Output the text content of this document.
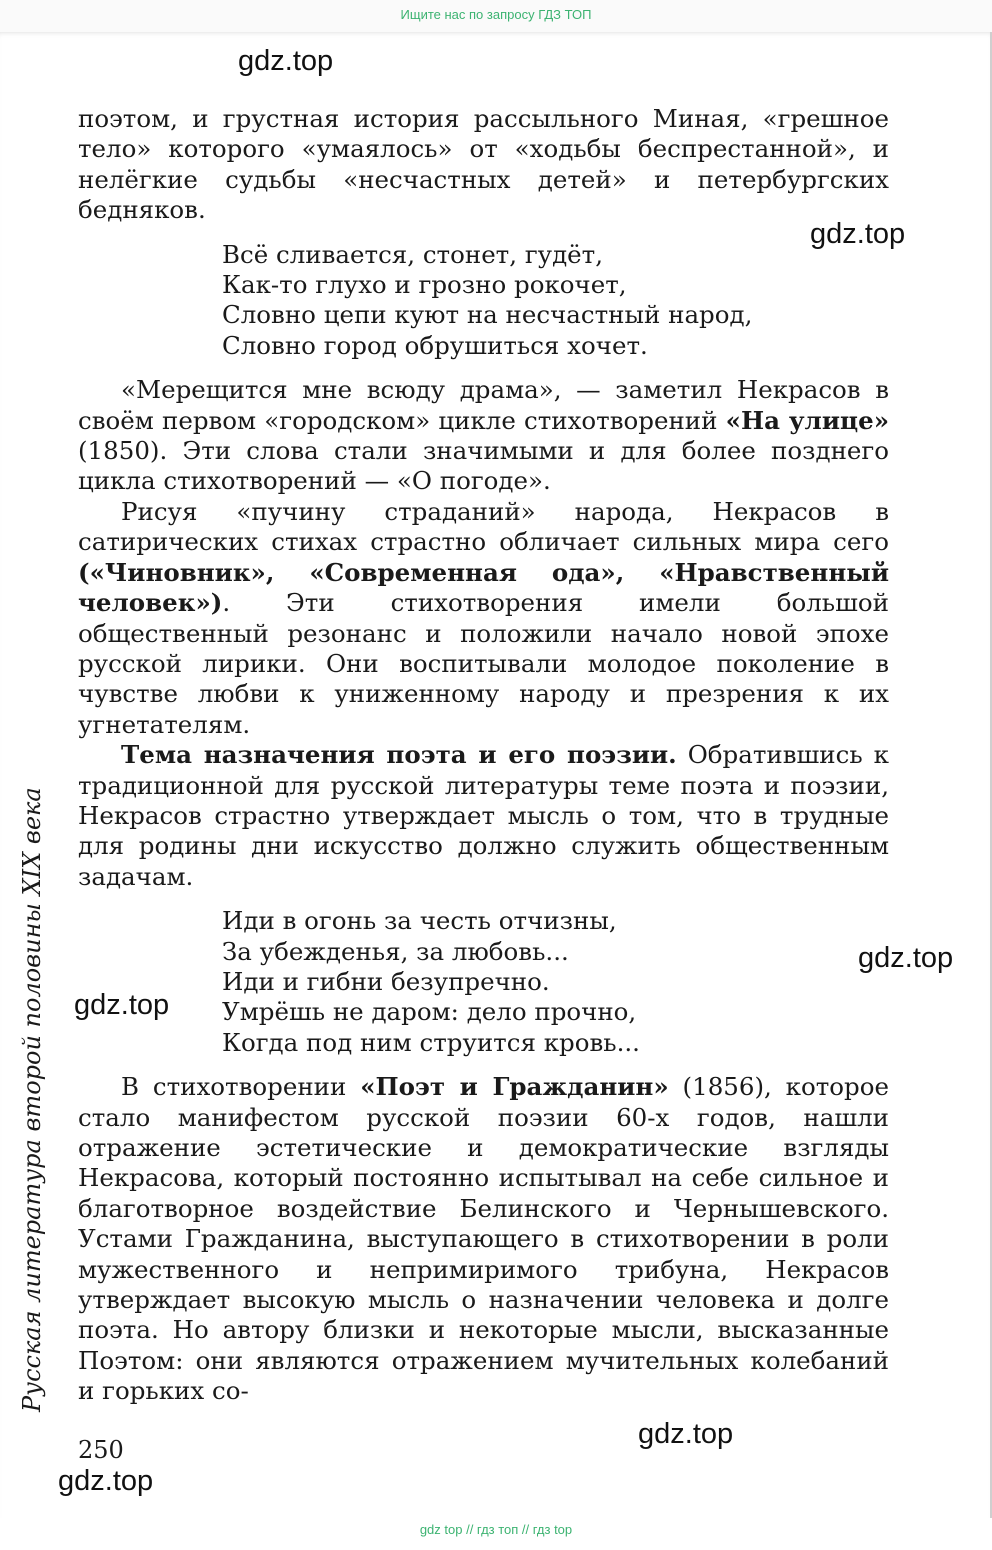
Ищите нас по запросу ГДЗ ТОП
gdz.top
gdz.top
gdz.top
gdz.top
gdz.top
gdz.top
Русская литература второй половины XIX века

поэтом, и грустная история рассыльного Миная, «грешное тело» которого «умаялось» от «ходьбы беспрестанной», и нелёгкие судьбы «несчастных детей» и петербургских бедняков.

Всё сливается, стонет, гудёт,
Как-то глухо и грозно рокочет,
Словно цепи куют на несчастный народ,
Словно город обрушиться хочет.

«Мерещится мне всюду драма», — заметил Некрасов в своём первом «городском» цикле стихотворений «На улице» (1850). Эти слова стали значимыми и для более позднего цикла стихотворений — «О погоде».

Рисуя «пучину страданий» народа, Некрасов в сатирических стихах страстно обличает сильных мира сего («Чиновник», «Современная ода», «Нравственный человек»). Эти стихотворения имели большой общественный резонанс и положили начало новой эпохе русской лирики. Они воспитывали молодое поколение в чувстве любви к униженному народу и презрения к их угнетателям.

Тема назначения поэта и его поэзии. Обратившись к традиционной для русской литературы теме поэта и поэзии, Некрасов страстно утверждает мысль о том, что в трудные для родины дни искусство должно служить общественным задачам.

Иди в огонь за честь отчизны,
За убежденья, за любовь...
Иди и гибни безупречно.
Умрёшь не даром: дело прочно,
Когда под ним струится кровь...

В стихотворении «Поэт и Гражданин» (1856), которое стало манифестом русской поэзии 60-х годов, нашли отражение эстетические и демократические взгляды Некрасова, который постоянно испытывал на себе сильное и благотворное воздействие Белинского и Чернышевского. Устами Гражданина, выступающего в стихотворении в роли мужественного и непримиримого трибуна, Некрасов утверждает высокую мысль о назначении человека и долге поэта. Но автору близки и некоторые мысли, высказанные Поэтом: они являются отражением мучительных колебаний и горьких со-

250
gdz top // гдз топ // гдз top
